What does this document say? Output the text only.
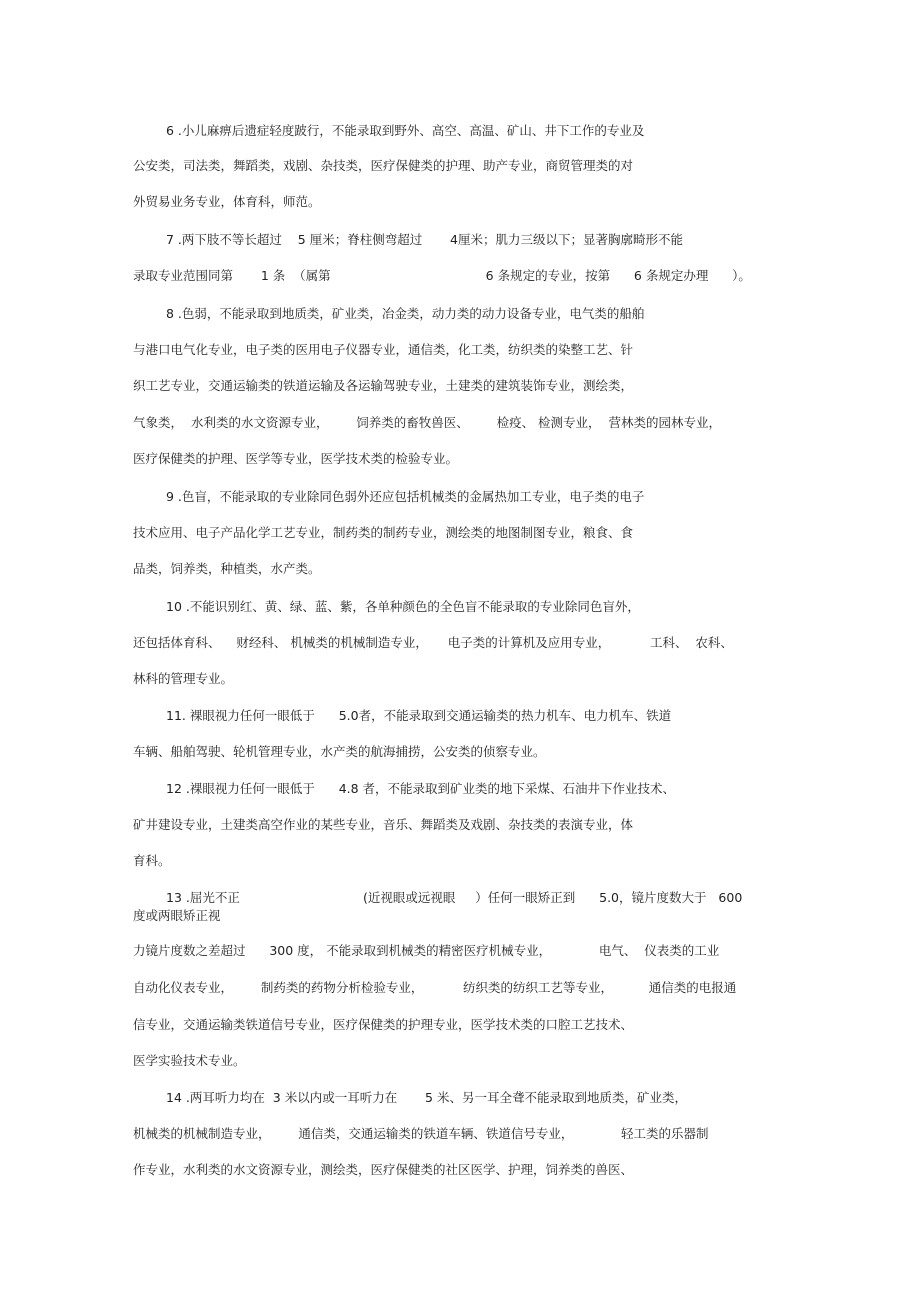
6 .小儿麻痹后遗症轻度跛行，不能录取到野外、高空、高温、矿山、井下工作的专业及
公安类，司法类，舞蹈类，戏剧、杂技类，医疗保健类的护理、助产专业，商贸管理类的对
外贸易业务专业，体育科，师范。
7 .两下肢不等长超过    5 厘米；脊柱侧弯超过       4厘米；肌力三级以下；显著胸廓畸形不能
录取专业范围同第       1 条  （属第                                       6 条规定的专业，按第      6 条规定办理      ）。
8 .色弱，不能录取到地质类，矿业类，冶金类，动力类的动力设备专业，电气类的船舶
与港口电气化专业，电子类的医用电子仪器专业，通信类，化工类，纺织类的染整工艺、针
织工艺专业，交通运输类的铁道运输及各运输驾驶专业，土建类的建筑装饰专业，测绘类，
气象类，  水利类的水文资源专业，       饲养类的畜牧兽医、       检疫、 检测专业，  营林类的园林专业，
医疗保健类的护理、医学等专业，医学技术类的检验专业。
9 .色盲，不能录取的专业除同色弱外还应包括机械类的金属热加工专业，电子类的电子
技术应用、电子产品化学工艺专业，制药类的制药专业，测绘类的地图制图专业，粮食、食
品类，饲养类，种植类，水产类。
10 .不能识别红、黄、绿、蓝、紫，各单种颜色的全色盲不能录取的专业除同色盲外，
还包括体育科、    财经科、 机械类的机械制造专业，     电子类的计算机及应用专业，          工科、  农科、
林科的管理专业。
11. 裸眼视力任何一眼低于      5.0者，不能录取到交通运输类的热力机车、电力机车、铁道
车辆、船舶驾驶、轮机管理专业，水产类的航海捕捞，公安类的侦察专业。
12 .裸眼视力任何一眼低于      4.8 者，不能录取到矿业类的地下采煤、石油井下作业技术、
矿井建设专业，土建类高空作业的某些专业，音乐、舞蹈类及戏剧、杂技类的表演专业，体
育科。
13 .屈光不正                               (近视眼或远视眼     ）任何一眼矫正到      5.0，镜片度数大于   600
度或两眼矫正视
力镜片度数之差超过      300 度， 不能录取到机械类的精密医疗机械专业，            电气、  仪表类的工业
自动化仪表专业，       制药类的药物分析检验专业，          纺织类的纺织工艺等专业，         通信类的电报通
信专业，交通运输类铁道信号专业，医疗保健类的护理专业，医学技术类的口腔工艺技术、
医学实验技术专业。
14 .两耳听力均在  3 米以内或一耳听力在       5 米、另一耳全聋不能录取到地质类，矿业类，
机械类的机械制造专业，       通信类，交通运输类的铁道车辆、铁道信号专业，            轻工类的乐器制
作专业，水利类的水文资源专业，测绘类，医疗保健类的社区医学、护理，饲养类的兽医、
